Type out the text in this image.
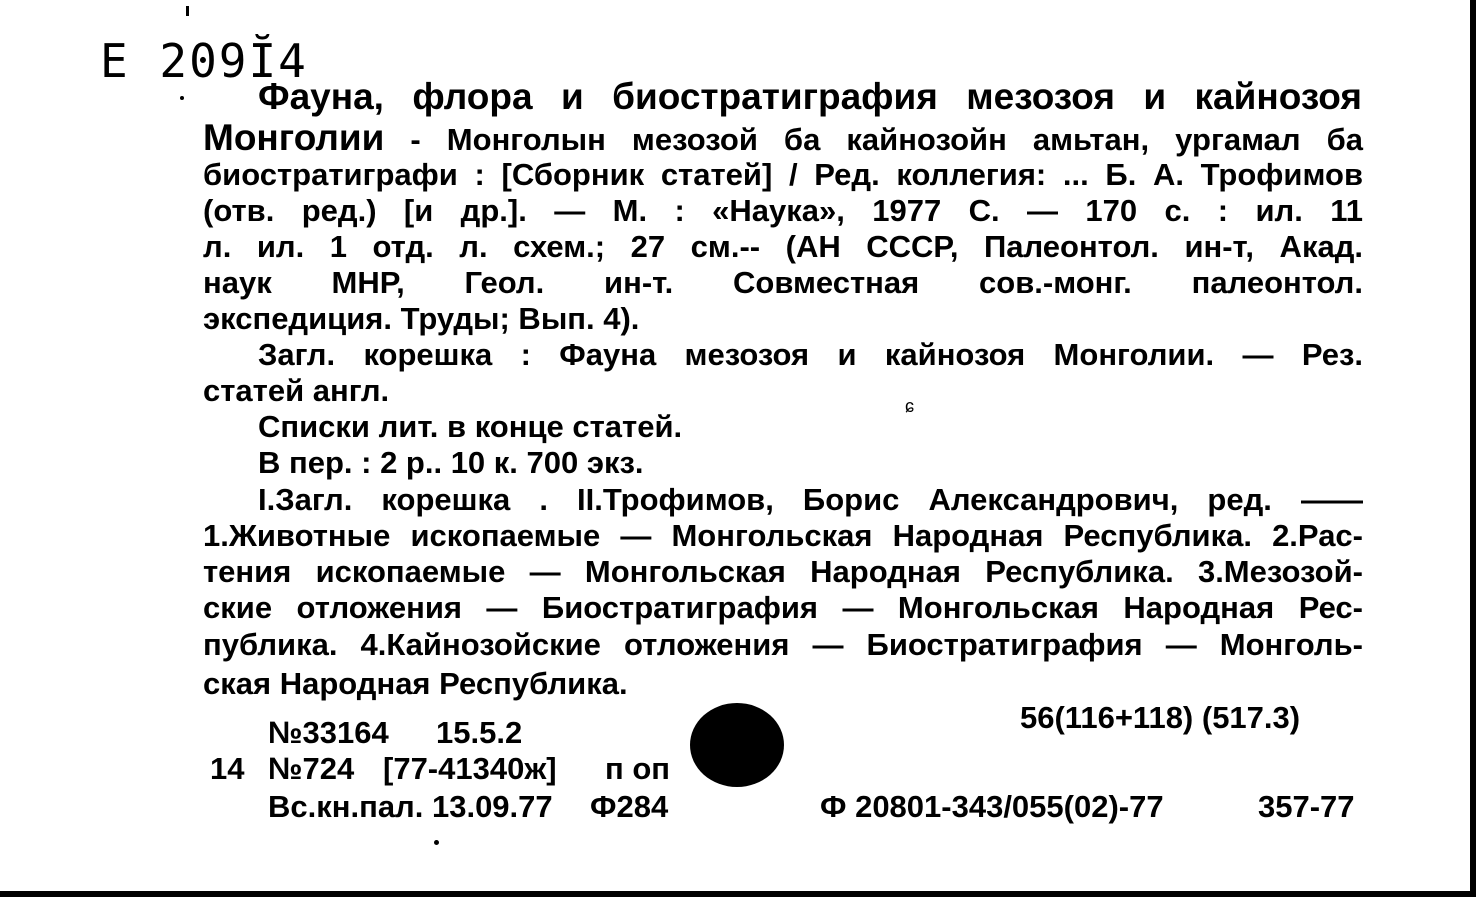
ɕ
Е 209Ĭ4
Фауна, флора и биостратиграфия мезозоя и кайнозоя
Монголии - Монголын мезозой ба кайнозойн амьтан, ургамал ба
биостратиграфи : [Сборник статей] / Ред. коллегия: ... Б. А. Трофимов
(отв. ред.) [и др.]. — М. : «Наука», 1977 С. — 170 с. : ил. 11
л. ил. 1 отд. л. схем.; 27 см.-- (АН СССР, Палеонтол. ин-т, Акад.
наук МНР, Геол. ин-т. Совместная сов.-монг. палеонтол.
экспедиция. Труды; Вып. 4).
Загл. корешка : Фауна мезозоя и кайнозоя Монголии. — Рез.
статей англ.
Списки лит. в конце статей.
В пер. : 2 р.. 10 к. 700 экз.
I.Загл. корешка . II.Трофимов, Борис Александрович, ред. ——
1.Животные ископаемые — Монгольская Народная Республика. 2.Рас-
тения ископаемые — Монгольская Народная Республика. 3.Мезозой-
ские отложения — Биостратиграфия — Монгольская Народная Рес-
публика. 4.Кайнозойские отложения — Биостратиграфия — Монголь-
ская Народная Республика.
№33164 15.5.2	56(116+118) (517.3)
14 №724 [77-41340ж] п оп
Вс.кн.пал. 13.09.77 Ф284	Ф 20801-343/055(02)-77	357-77
